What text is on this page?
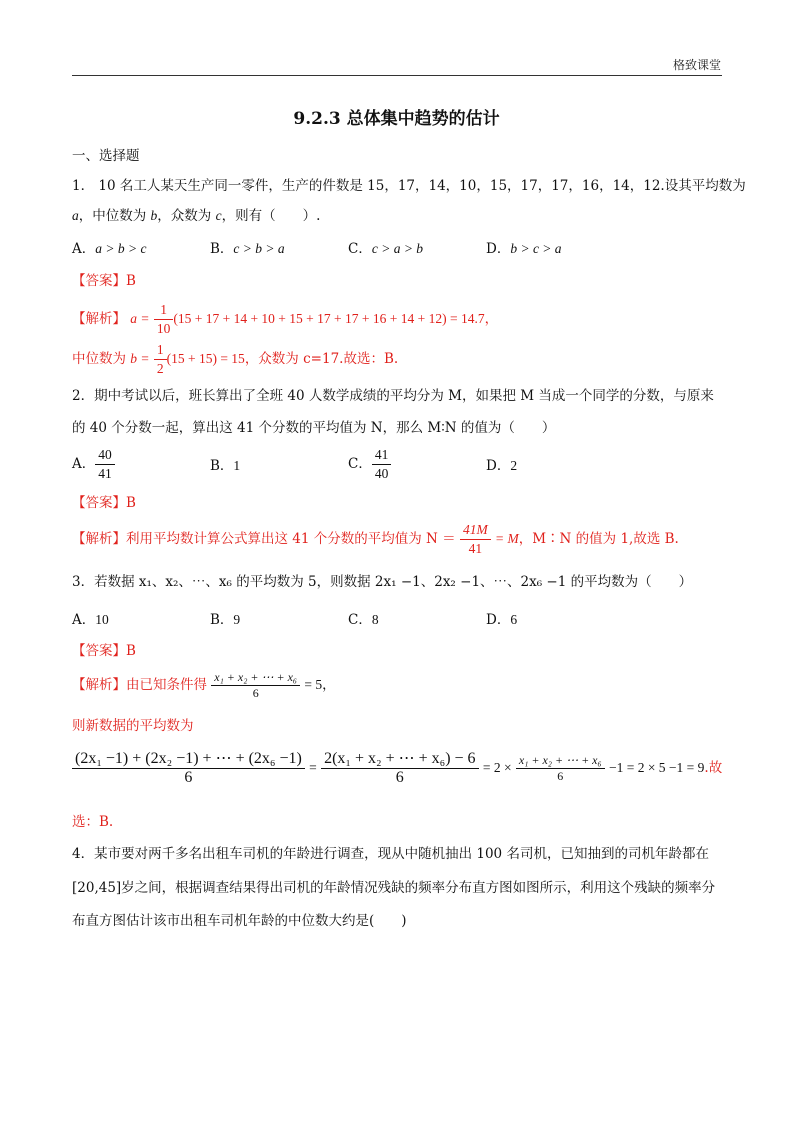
格致课堂
9.2.3 总体集中趋势的估计
一、选择题
1． 10 名工人某天生产同一零件，生产的件数是 15，17，14，10，15，17，17，16，14，12.设其平均数为
a，中位数为 b，众数为 c，则有（　　）.
A．a > b > c	B．c > b > a	C．c > a > b	D．b > c > a
【答案】B
【解析】 $a = \frac{1}{10} (15 + 17 + 14 + 10 + 15 + 17 + 17 + 16 + 14 + 12) = 14.7$，
中位数为 $b = \frac{1}{2} (15 + 15) = 15$，众数为 c=17.故选：B.
2．期中考试以后，班长算出了全班 40 人数学成绩的平均分为 M，如果把 M 当成一个同学的分数，与原来
的 40 个分数一起，算出这 41 个分数的平均值为 N，那么 M∶N 的值为（　　）
A． $\frac{40}{41}$	B．1	C． $\frac{41}{40}$	D．2
【答案】B
【解析】利用平均数计算公式算出这 41 个分数的平均值为 $N = \frac{41M}{41} = M$，M∶N 的值为 1,故选 B.
3．若数据 x₁、x₂、⋯、x₆ 的平均数为 5，则数据 2x₁ −1、2x₂ −1、⋯、2x₆ −1 的平均数为（　　）
A．10	B．9	C．8	D．6
【答案】B
【解析】由已知条件得 $\frac{\text{x₁ + x₂ + ⋯ + x₆}}{6} = 5$，
则新数据的平均数为
$\frac{\text{(2x₁ −1) + (2x₂ −1) + ⋯ + (2x₆ −1)}}{6} = \frac{\text{2(x₁ + x₂ + ⋯ + x₆) − 6}}{6} = 2 \times \frac{\text{x₁ + x₂ + ⋯ + x₆}}{6} -1 = 2 \times 5 -1 = 9$.故
选：B.
4．某市要对两千多名出租车司机的年龄进行调查，现从中随机抽出 100 名司机，已知抽到的司机年龄都在
[20,45]岁之间，根据调查结果得出司机的年龄情况残缺的频率分布直方图如图所示，利用这个残缺的频率分
布直方图估计该市出租车司机年龄的中位数大约是(　　)
